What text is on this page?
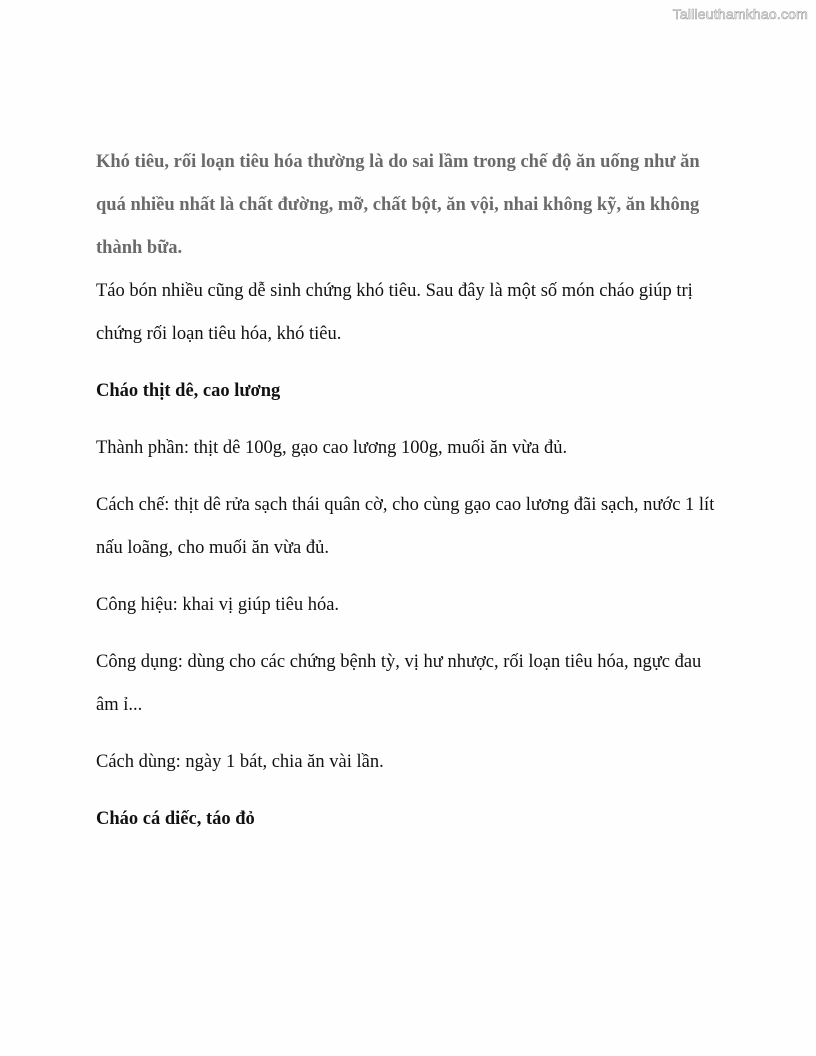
Tailieuthamkhao.com

Khó tiêu, rối loạn tiêu hóa thường là do sai lầm trong chế độ ăn uống như ăn quá nhiều nhất là chất đường, mỡ, chất bột, ăn vội, nhai không kỹ, ăn không thành bữa.

Táo bón nhiều cũng dễ sinh chứng khó tiêu. Sau đây là một số món cháo giúp trị chứng rối loạn tiêu hóa, khó tiêu.

Cháo thịt dê, cao lương

Thành phần: thịt dê 100g, gạo cao lương 100g, muối ăn vừa đủ.

Cách chế: thịt dê rửa sạch thái quân cờ, cho cùng gạo cao lương đãi sạch, nước 1 lít nấu loãng, cho muối ăn vừa đủ.

Công hiệu: khai vị giúp tiêu hóa.

Công dụng: dùng cho các chứng bệnh tỳ, vị hư nhược, rối loạn tiêu hóa, ngực đau âm ỉ...

Cách dùng: ngày 1 bát, chia ăn vài lần.

Cháo cá diếc, táo đỏ
